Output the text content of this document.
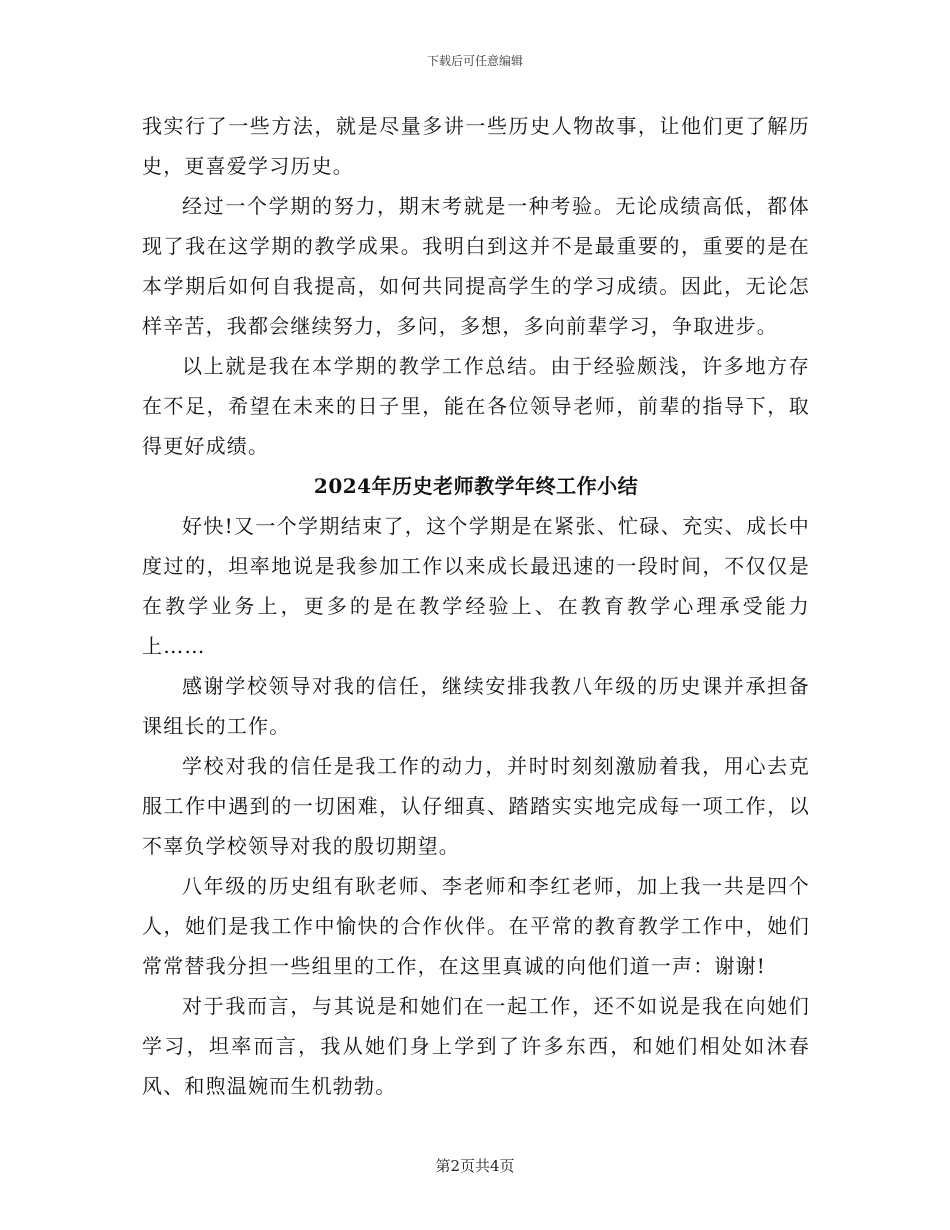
下载后可任意编辑

我实行了一些方法，就是尽量多讲一些历史人物故事，让他们更了解历史，更喜爱学习历史。

经过一个学期的努力，期末考就是一种考验。无论成绩高低，都体现了我在这学期的教学成果。我明白到这并不是最重要的，重要的是在本学期后如何自我提高，如何共同提高学生的学习成绩。因此，无论怎样辛苦，我都会继续努力，多问，多想，多向前辈学习，争取进步。

以上就是我在本学期的教学工作总结。由于经验颇浅，许多地方存在不足，希望在未来的日子里，能在各位领导老师，前辈的指导下，取得更好成绩。

2024年历史老师教学年终工作小结

好快!又一个学期结束了，这个学期是在紧张、忙碌、充实、成长中度过的，坦率地说是我参加工作以来成长最迅速的一段时间，不仅仅是在教学业务上，更多的是在教学经验上、在教育教学心理承受能力上……

感谢学校领导对我的信任，继续安排我教八年级的历史课并承担备课组长的工作。

学校对我的信任是我工作的动力，并时时刻刻激励着我，用心去克服工作中遇到的一切困难，认仔细真、踏踏实实地完成每一项工作，以不辜负学校领导对我的殷切期望。

八年级的历史组有耿老师、李老师和李红老师，加上我一共是四个人，她们是我工作中愉快的合作伙伴。在平常的教育教学工作中，她们常常替我分担一些组里的工作，在这里真诚的向他们道一声：谢谢!

对于我而言，与其说是和她们在一起工作，还不如说是我在向她们学习，坦率而言，我从她们身上学到了许多东西，和她们相处如沐春风、和煦温婉而生机勃勃。

第2页共4页
